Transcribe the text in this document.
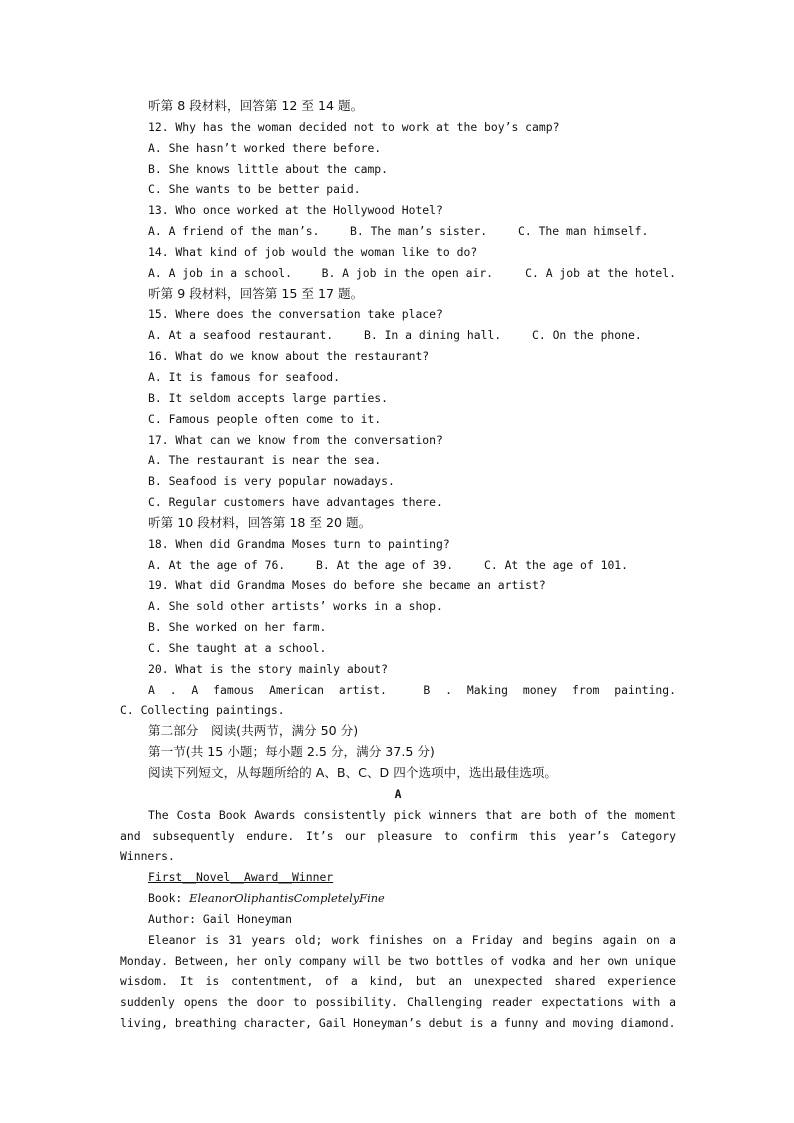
听第 8 段材料，回答第 12 至 14 题。
12. Why has the woman decided not to work at the boy’s camp?
A. She hasn’t worked there before.
B. She knows little about the camp.
C. She wants to be better paid.
13. Who once worked at the Hollywood Hotel?
A. A friend of the man’s.	B. The man’s sister.	C. The man himself.
14. What kind of job would the woman like to do?
A. A job in a school.	B. A job in the open air.	C. A job at the hotel.
听第 9 段材料，回答第 15 至 17 题。
15. Where does the conversation take place?
A. At a seafood restaurant.	B. In a dining hall.	C. On the phone.
16. What do we know about the restaurant?
A. It is famous for seafood.
B. It seldom accepts large parties.
C. Famous people often come to it.
17. What can we know from the conversation?
A. The restaurant is near the sea.
B. Seafood is very popular nowadays.
C. Regular customers have advantages there.
听第 10 段材料，回答第 18 至 20 题。
18. When did Grandma Moses turn to painting?
A. At the age of 76.	B. At the age of 39.	C. At the age of 101.
19. What did Grandma Moses do before she became an artist?
A. She sold other artists’ works in a shop.
B. She worked on her farm.
C. She taught at a school.
20. What is the story mainly about?
A . A famous American artist.	B . Making money from painting.
C. Collecting paintings.
第二部分　阅读(共两节，满分 50 分)
第一节(共 15 小题；每小题 2.5 分，满分 37.5 分)
阅读下列短文，从每题所给的 A、B、C、D 四个选项中，选出最佳选项。
A
The Costa Book Awards consistently pick winners that are both of the moment and subsequently endure. It’s our pleasure to confirm this year’s Category Winners.
First__Novel__Award__Winner
Book: EleanorOliphantisCompletelyFine
Author: Gail Honeyman
Eleanor is 31 years old; work finishes on a Friday and begins again on a Monday. Between, her only company will be two bottles of vodka and her own unique wisdom. It is contentment, of a kind, but an unexpected shared experience suddenly opens the door to possibility. Challenging reader expectations with a living, breathing character, Gail Honeyman’s debut is a funny and moving diamond.
